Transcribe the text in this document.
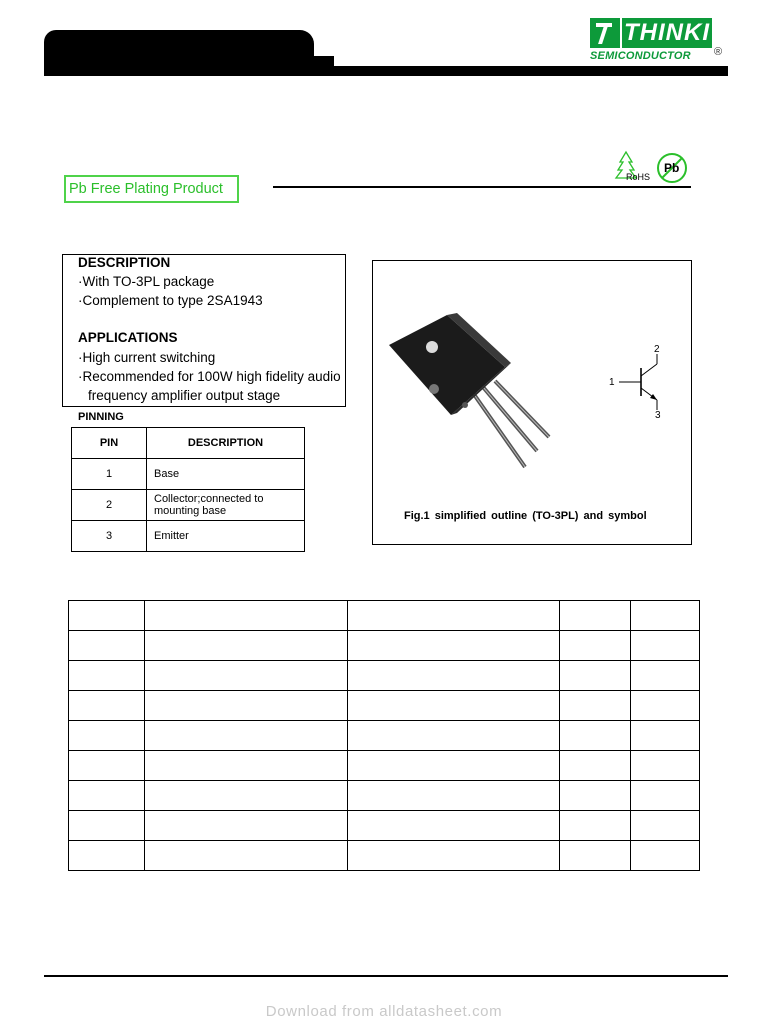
THINKI
SEMICONDUCTOR ®
RoHS
Pb
Pb Free Plating Product
DESCRIPTION
·With TO-3PL package
·Complement to type 2SA1943
APPLICATIONS
·High current switching
·Recommended for 100W high fidelity audio
frequency amplifier output stage
PINNING
PIN	DESCRIPTION
1	Base
2	Collector;connected to mounting base
3	Emitter
1
2
3
Fig.1 simplified outline (TO-3PL) and symbol

Download from alldatasheet.com
